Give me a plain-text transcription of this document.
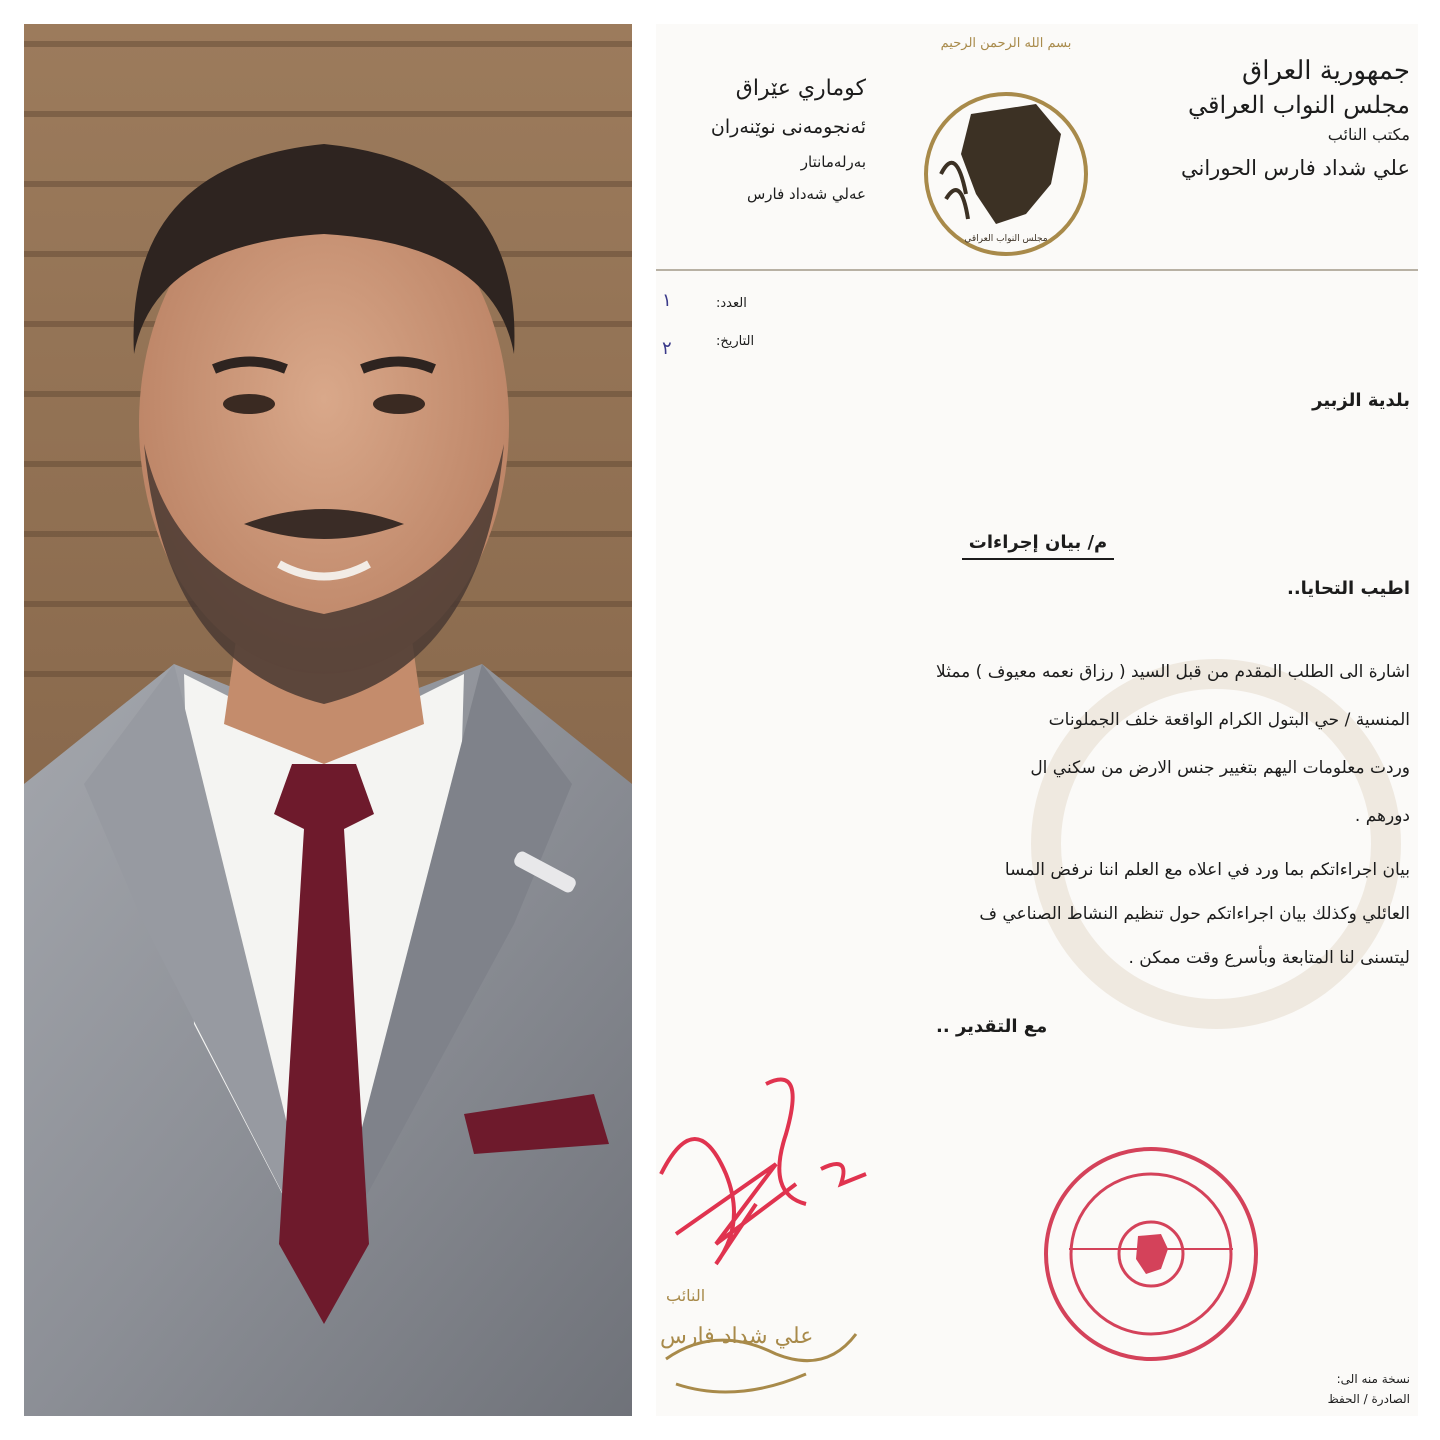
بسم الله الرحمن الرحيم
جمهورية العراق
مجلس النواب العراقي
مكتب النائب
علي شداد فارس الحوراني
كوماري عێراق
ئەنجومەنی نوێنەران
بەرلەمانتار
عەلي شەداد فارس
مجلس النواب العراقي
العدد:
١
التاريخ:
٢
بلدية الزبير
م/ بيان إجراءات
اطيب التحايا..
اشارة الى الطلب المقدم من قبل السيد ( رزاق نعمه معيوف ) ممثلا
المنسية / حي البتول الكرام الواقعة خلف الجملونات
وردت معلومات اليهم بتغيير جنس الارض من سكني ال
دورهم .
بيان اجراءاتكم بما ورد في اعلاه مع العلم اننا نرفض المسا
العائلي وكذلك بيان اجراءاتكم حول تنظيم النشاط الصناعي ف
ليتسنى لنا المتابعة وبأسرع وقت ممكن .
مع التقدير ..
النائب
علي شداد فارس
نسخة منه الى:
الصادرة / الحفظ
